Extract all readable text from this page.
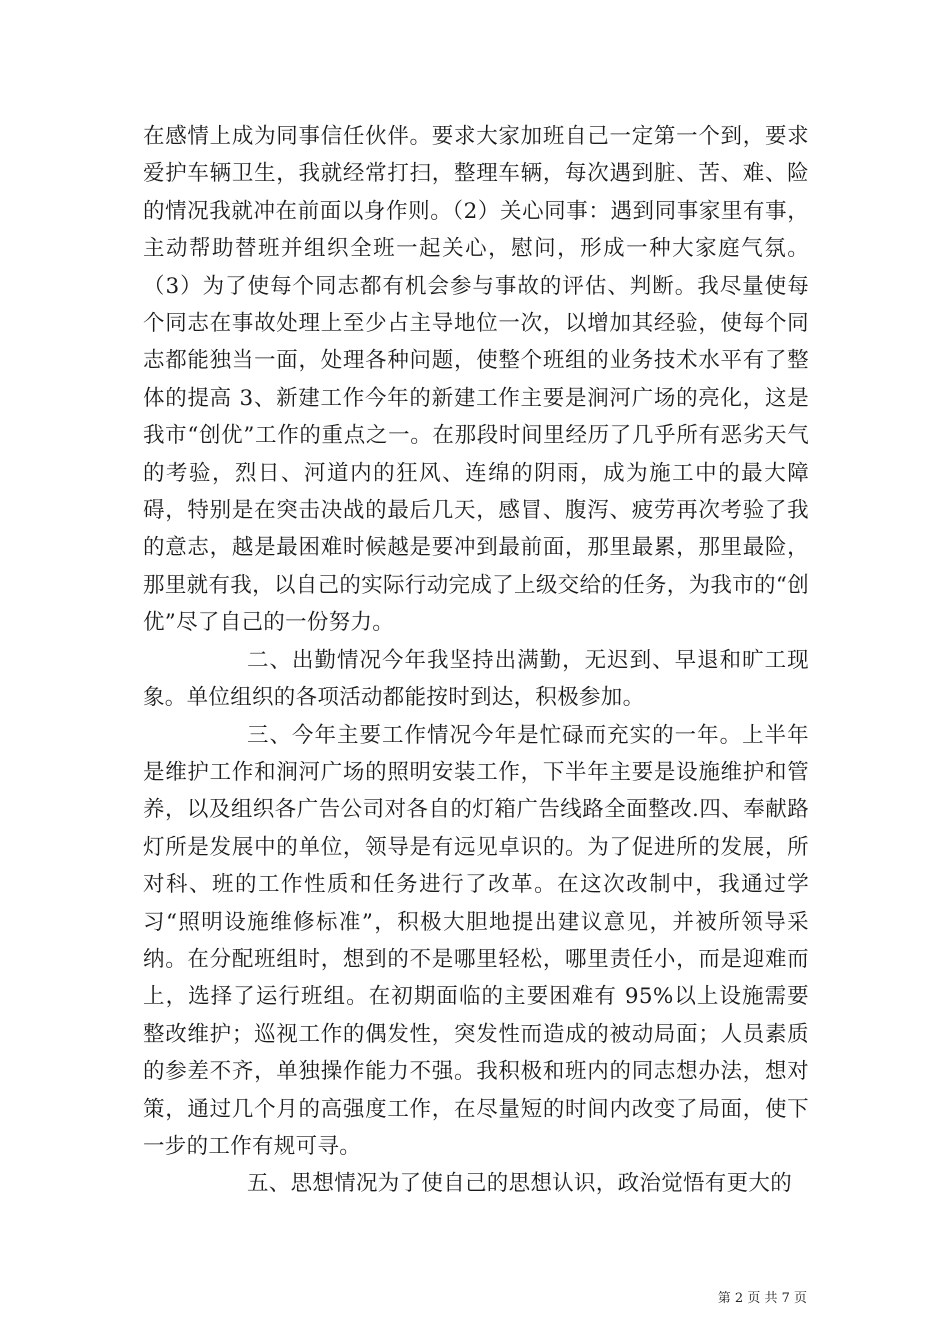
在感情上成为同事信任伙伴。要求大家加班自己一定第一个到，要求爱护车辆卫生，我就经常打扫，整理车辆，每次遇到脏、苦、难、险的情况我就冲在前面以身作则。（2）关心同事：遇到同事家里有事，主动帮助替班并组织全班一起关心，慰问，形成一种大家庭气氛。（3）为了使每个同志都有机会参与事故的评估、判断。我尽量使每个同志在事故处理上至少占主导地位一次，以增加其经验，使每个同志都能独当一面，处理各种问题，使整个班组的业务技术水平有了整体的提高 3、新建工作今年的新建工作主要是涧河广场的亮化，这是我市“创优”工作的重点之一。在那段时间里经历了几乎所有恶劣天气的考验，烈日、河道内的狂风、连绵的阴雨，成为施工中的最大障碍，特别是在突击决战的最后几天，感冒、腹泻、疲劳再次考验了我的意志，越是最困难时候越是要冲到最前面，那里最累，那里最险，那里就有我，以自己的实际行动完成了上级交给的任务，为我市的“创优”尽了自己的一份努力。

二、出勤情况今年我坚持出满勤，无迟到、早退和旷工现象。单位组织的各项活动都能按时到达，积极参加。

三、今年主要工作情况今年是忙碌而充实的一年。上半年是维护工作和涧河广场的照明安装工作，下半年主要是设施维护和管养，以及组织各广告公司对各自的灯箱广告线路全面整改.四、奉献路灯所是发展中的单位，领导是有远见卓识的。为了促进所的发展，所对科、班的工作性质和任务进行了改革。在这次改制中，我通过学习“照明设施维修标准”，积极大胆地提出建议意见，并被所领导采纳。在分配班组时，想到的不是哪里轻松，哪里责任小，而是迎难而上，选择了运行班组。在初期面临的主要困难有 95%以上设施需要整改维护；巡视工作的偶发性，突发性而造成的被动局面；人员素质的参差不齐，单独操作能力不强。我积极和班内的同志想办法，想对策，通过几个月的高强度工作，在尽量短的时间内改变了局面，使下一步的工作有规可寻。

五、思想情况为了使自己的思想认识，政治觉悟有更大的

第 2 页 共 7 页
